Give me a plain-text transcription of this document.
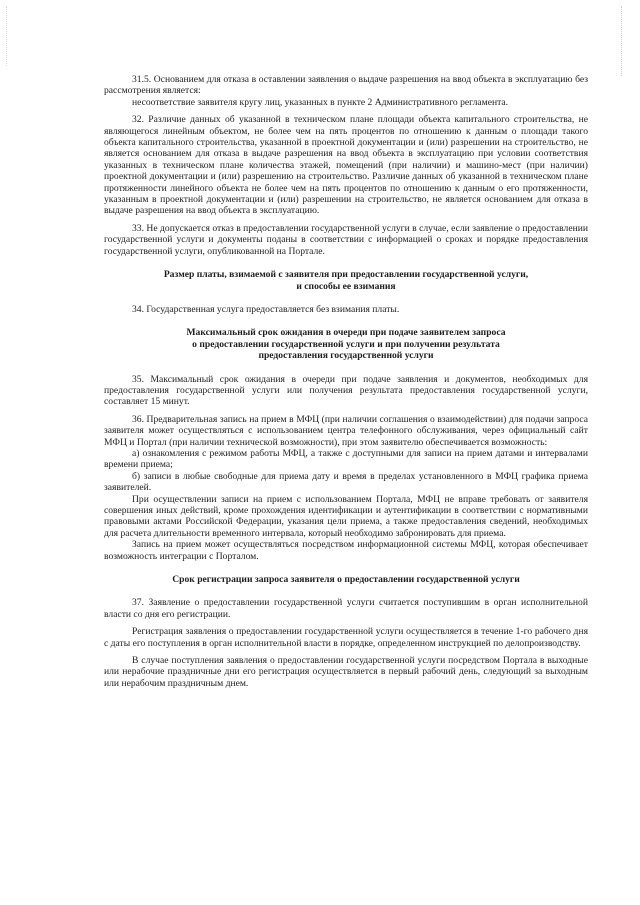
31.5. Основанием для отказа в оставлении заявления о выдаче разрешения на ввод объекта в эксплуатацию без рассмотрения является:

несоответствие заявителя кругу лиц, указанных в пункте 2 Административного регламента.

32. Различие данных об указанной в техническом плане площади объекта капитального строительства, не являющегося линейным объектом, не более чем на пять процентов по отношению к данным о площади такого объекта капитального строительства, указанной в проектной документации и (или) разрешении на строительство, не является основанием для отказа в выдаче разрешения на ввод объекта в эксплуатацию при условии соответствия указанных в техническом плане количества этажей, помещений (при наличии) и машино-мест (при наличии) проектной документации и (или) разрешению на строительство. Различие данных об указанной в техническом плане протяженности линейного объекта не более чем на пять процентов по отношению к данным о его протяженности, указанным в проектной документации и (или) разрешении на строительство, не является основанием для отказа в выдаче разрешения на ввод объекта в эксплуатацию.

33. Не допускается отказ в предоставлении государственной услуги в случае, если заявление о предоставлении государственной услуги и документы поданы в соответствии с информацией о сроках и порядке предоставления государственной услуги, опубликованной на Портале.

Размер платы, взимаемой с заявителя при предоставлении государственной услуги,
и способы ее взимания

34. Государственная услуга предоставляется без взимания платы.

Максимальный срок ожидания в очереди при подаче заявителем запроса
о предоставлении государственной услуги и при получении результата
предоставления государственной услуги

35. Максимальный срок ожидания в очереди при подаче заявления и документов, необходимых для предоставления государственной услуги или получения результата предоставления государственной услуги, составляет 15 минут.

36. Предварительная запись на прием в МФЦ (при наличии соглашения о взаимодействии) для подачи запроса заявителя может осуществляться с использованием центра телефонного обслуживания, через официальный сайт МФЦ и Портал (при наличии технической возможности), при этом заявителю обеспечивается возможность:

а) ознакомления с режимом работы МФЦ, а также с доступными для записи на прием датами и интервалами времени приема;

б) записи в любые свободные для приема дату и время в пределах установленного в МФЦ графика приема заявителей.

При осуществлении записи на прием с использованием Портала, МФЦ не вправе требовать от заявителя совершения иных действий, кроме прохождения идентификации и аутентификации в соответствии с нормативными правовыми актами Российской Федерации, указания цели приема, а также предоставления сведений, необходимых для расчета длительности временного интервала, который необходимо забронировать для приема.

Запись на прием может осуществляться посредством информационной системы МФЦ, которая обеспечивает возможность интеграции с Порталом.

Срок регистрации запроса заявителя о предоставлении государственной услуги

37. Заявление о предоставлении государственной услуги считается поступившим в орган исполнительной власти со дня его регистрации.

Регистрация заявления о предоставлении государственной услуги осуществляется в течение 1-го рабочего дня с даты его поступления в орган исполнительной власти в порядке, определенном инструкцией по делопроизводству.

В случае поступления заявления о предоставлении государственной услуги посредством Портала в выходные или нерабочие праздничные дни его регистрация осуществляется в первый рабочий день, следующий за выходным или нерабочим праздничным днем.
